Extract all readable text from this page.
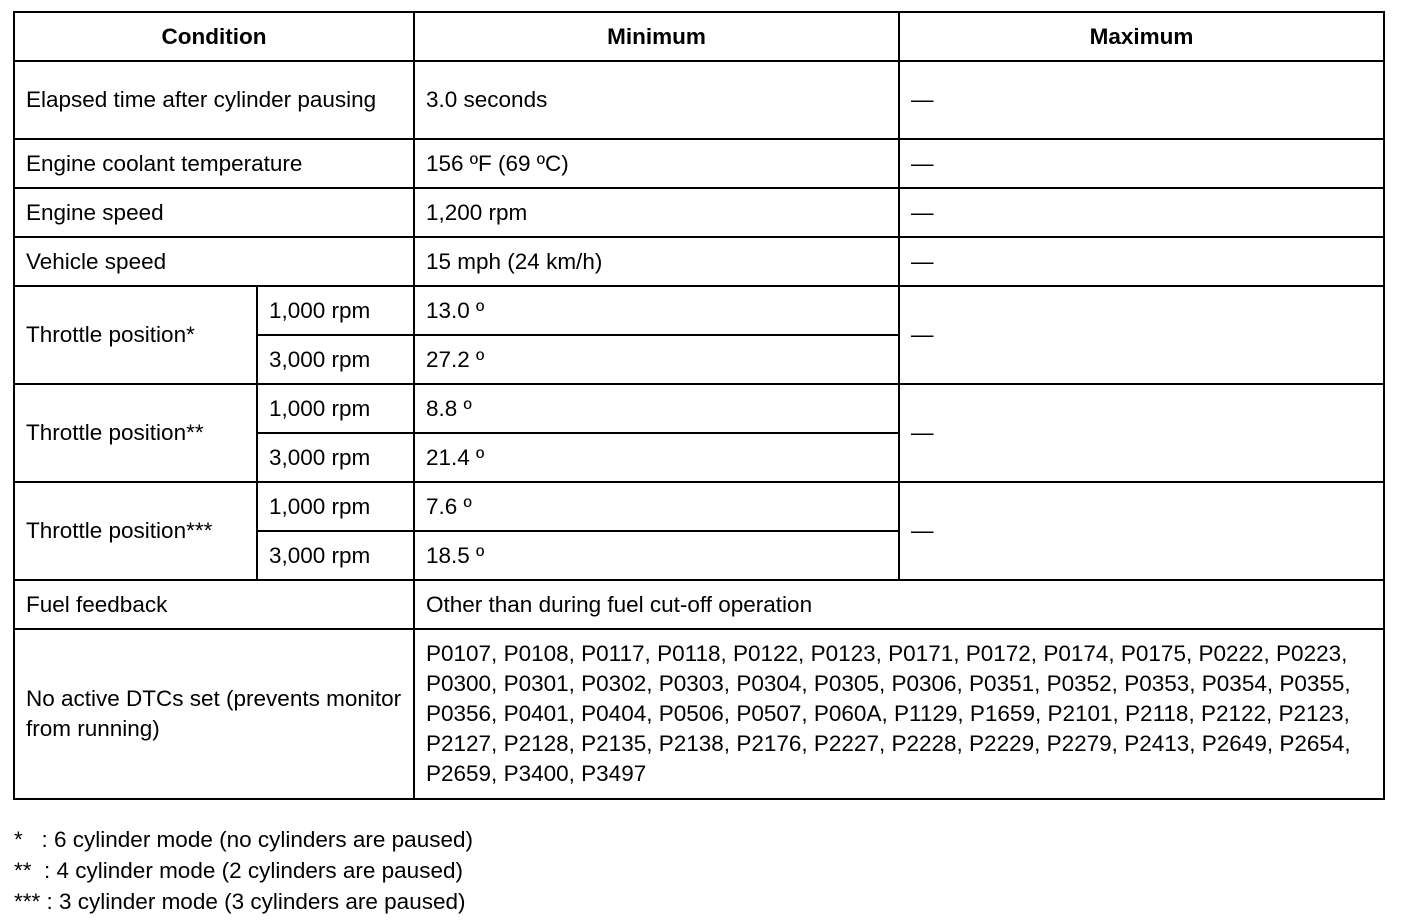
Condition		Minimum	Maximum
Elapsed time after cylinder pausing		3.0 seconds	—
Engine coolant temperature		156 ºF (69 ºC)	—
Engine speed		1,200 rpm	—
Vehicle speed		15 mph (24 km/h)	—
Throttle position*	1,000 rpm	13.0 º	—
	3,000 rpm	27.2 º	
Throttle position**	1,000 rpm	8.8 º	—
	3,000 rpm	21.4 º	
Throttle position***	1,000 rpm	7.6 º	—
	3,000 rpm	18.5 º	
Fuel feedback		Other than during fuel cut-off operation	
No active DTCs set (prevents monitor from running)		P0107, P0108, P0117, P0118, P0122, P0123, P0171, P0172, P0174, P0175, P0222, P0223, P0300, P0301, P0302, P0303, P0304, P0305, P0306, P0351, P0352, P0353, P0354, P0355, P0356, P0401, P0404, P0506, P0507, P060A, P1129, P1659, P2101, P2118, P2122, P2123, P2127, P2128, P2135, P2138, P2176, P2227, P2228, P2229, P2279, P2413, P2649, P2654, P2659, P3400, P3497	
*   : 6 cylinder mode (no cylinders are paused)
**  : 4 cylinder mode (2 cylinders are paused)
*** : 3 cylinder mode (3 cylinders are paused)
